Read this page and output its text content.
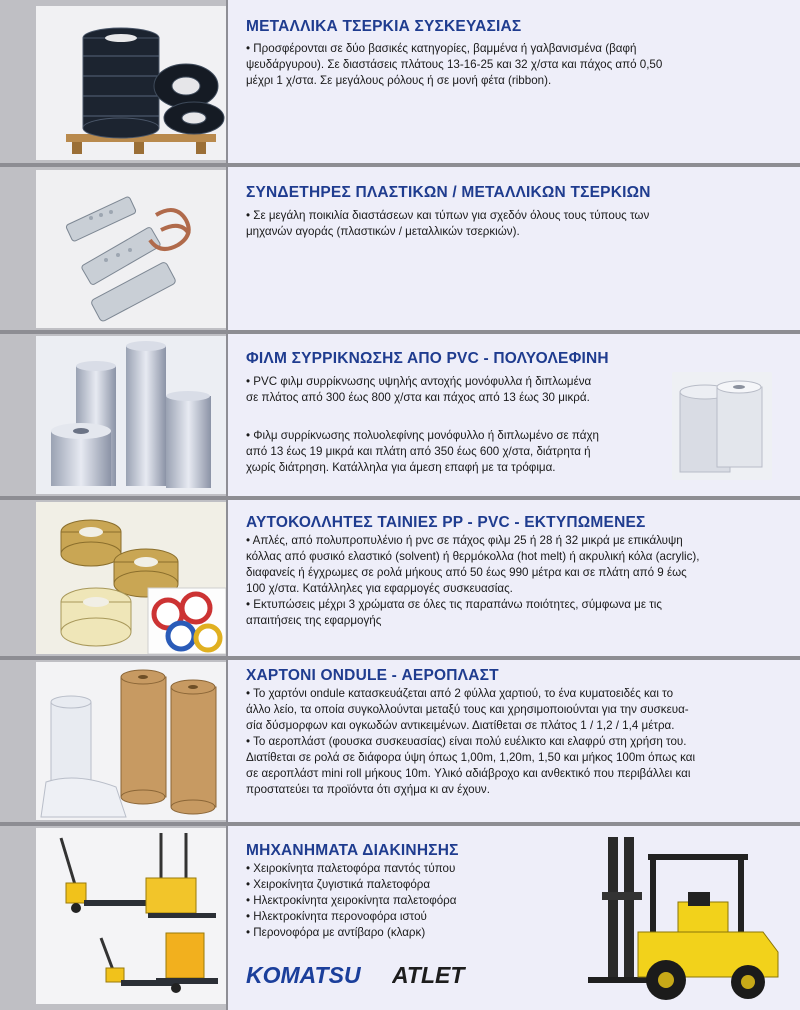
ΜΕΤΑΛΛΙΚΑ ΤΣΕΡΚΙΑ ΣΥΣΚΕΥΑΣΙΑΣ

• Προσφέρονται σε δύο βασικές κατηγορίες, βαμμένα ή γαλβανισμένα (βαφή

ψευδάργυρου). Σε διαστάσεις πλάτους 13-16-25 και 32 χ/στα και πάχος από 0,50

μέχρι 1 χ/στα. Σε μεγάλους ρόλους ή σε μονή φέτα (ribbon).

ΣΥΝΔΕΤΗΡΕΣ ΠΛΑΣΤΙΚΩΝ / ΜΕΤΑΛΛΙΚΩΝ ΤΣΕΡΚΙΩΝ

• Σε μεγάλη ποικιλία διαστάσεων και τύπων για σχεδόν όλους τους τύπους των

μηχανών αγοράς (πλαστικών / μεταλλικών τσερκιών).

ΦΙΛΜ ΣΥΡΡΙΚΝΩΣΗΣ ΑΠΟ PVC - ΠΟΛΥΟΛΕΦΙΝΗ

• PVC φιλμ συρρίκνωσης υψηλής αντοχής μονόφυλλα ή διπλωμένα

σε πλάτος από 300 έως 800 χ/στα και πάχος από 13 έως 30 μικρά.

• Φιλμ συρρίκνωσης πολυολεφίνης μονόφυλλο ή διπλωμένο σε πάχη

από 13 έως 19 μικρά και πλάτη από 350 έως 600 χ/στα, διάτρητα ή

χωρίς διάτρηση. Κατάλληλα για άμεση επαφή με τα τρόφιμα.

ΑΥΤΟΚΟΛΛΗΤΕΣ ΤΑΙΝΙΕΣ PP - PVC - ΕΚΤΥΠΩΜΕΝΕΣ

• Απλές, από πολυπροπυλένιο ή pvc σε πάχος φιλμ 25 ή 28 ή 32 μικρά με επικάλυψη

κόλλας από φυσικό ελαστικό (solvent) ή θερμόκολλα (hot melt) ή ακρυλική κόλα (acrylic),

διαφανείς ή έγχρωμες σε ρολά μήκους από 50 έως 990 μέτρα και σε πλάτη από 9 έως

100 χ/στα. Κατάλληλες για εφαρμογές συσκευασίας.

• Εκτυπώσεις μέχρι 3 χρώματα σε όλες τις παραπάνω ποιότητες, σύμφωνα με τις

απαιτήσεις της εφαρμογής

ΧΑΡΤΟΝΙ ONDULE - ΑΕΡΟΠΛΑΣΤ

• Το χαρτόνι ondule κατασκευάζεται από 2 φύλλα χαρτιού, το ένα κυματοειδές και το

άλλο λείο, τα οποία συγκολλούνται μεταξύ τους και χρησιμοποιούνται για την συσκευα-

σία δύσμορφων και ογκωδών αντικειμένων. Διατίθεται σε πλάτος 1 / 1,2 / 1,4 μέτρα.

• Το αεροπλάστ (φουσκα συσκευασίας) είναι πολύ ευέλικτο και ελαφρύ στη χρήση του.

Διατίθεται σε ρολά σε διάφορα ύψη όπως 1,00m, 1,20m, 1,50 και μήκος 100m όπως και

σε αεροπλάστ mini roll μήκους 10m. Υλικό αδιάβροχο και ανθεκτικό που περιβάλλει και

προστατεύει τα προϊόντα ότι σχήμα κι αν έχουν.

ΜΗΧΑΝΗΜΑΤΑ ΔΙΑΚΙΝΗΣΗΣ

• Χειροκίνητα παλετοφόρα παντός τύπου

• Χειροκίνητα ζυγιστικά παλετοφόρα

• Ηλεκτροκίνητα χειροκίνητα παλετοφόρα

• Ηλεκτροκίνητα περονοφόρα ιστού

• Περονοφόρα με αντίβαρο (κλαρκ)

KOMATSU ATLET
